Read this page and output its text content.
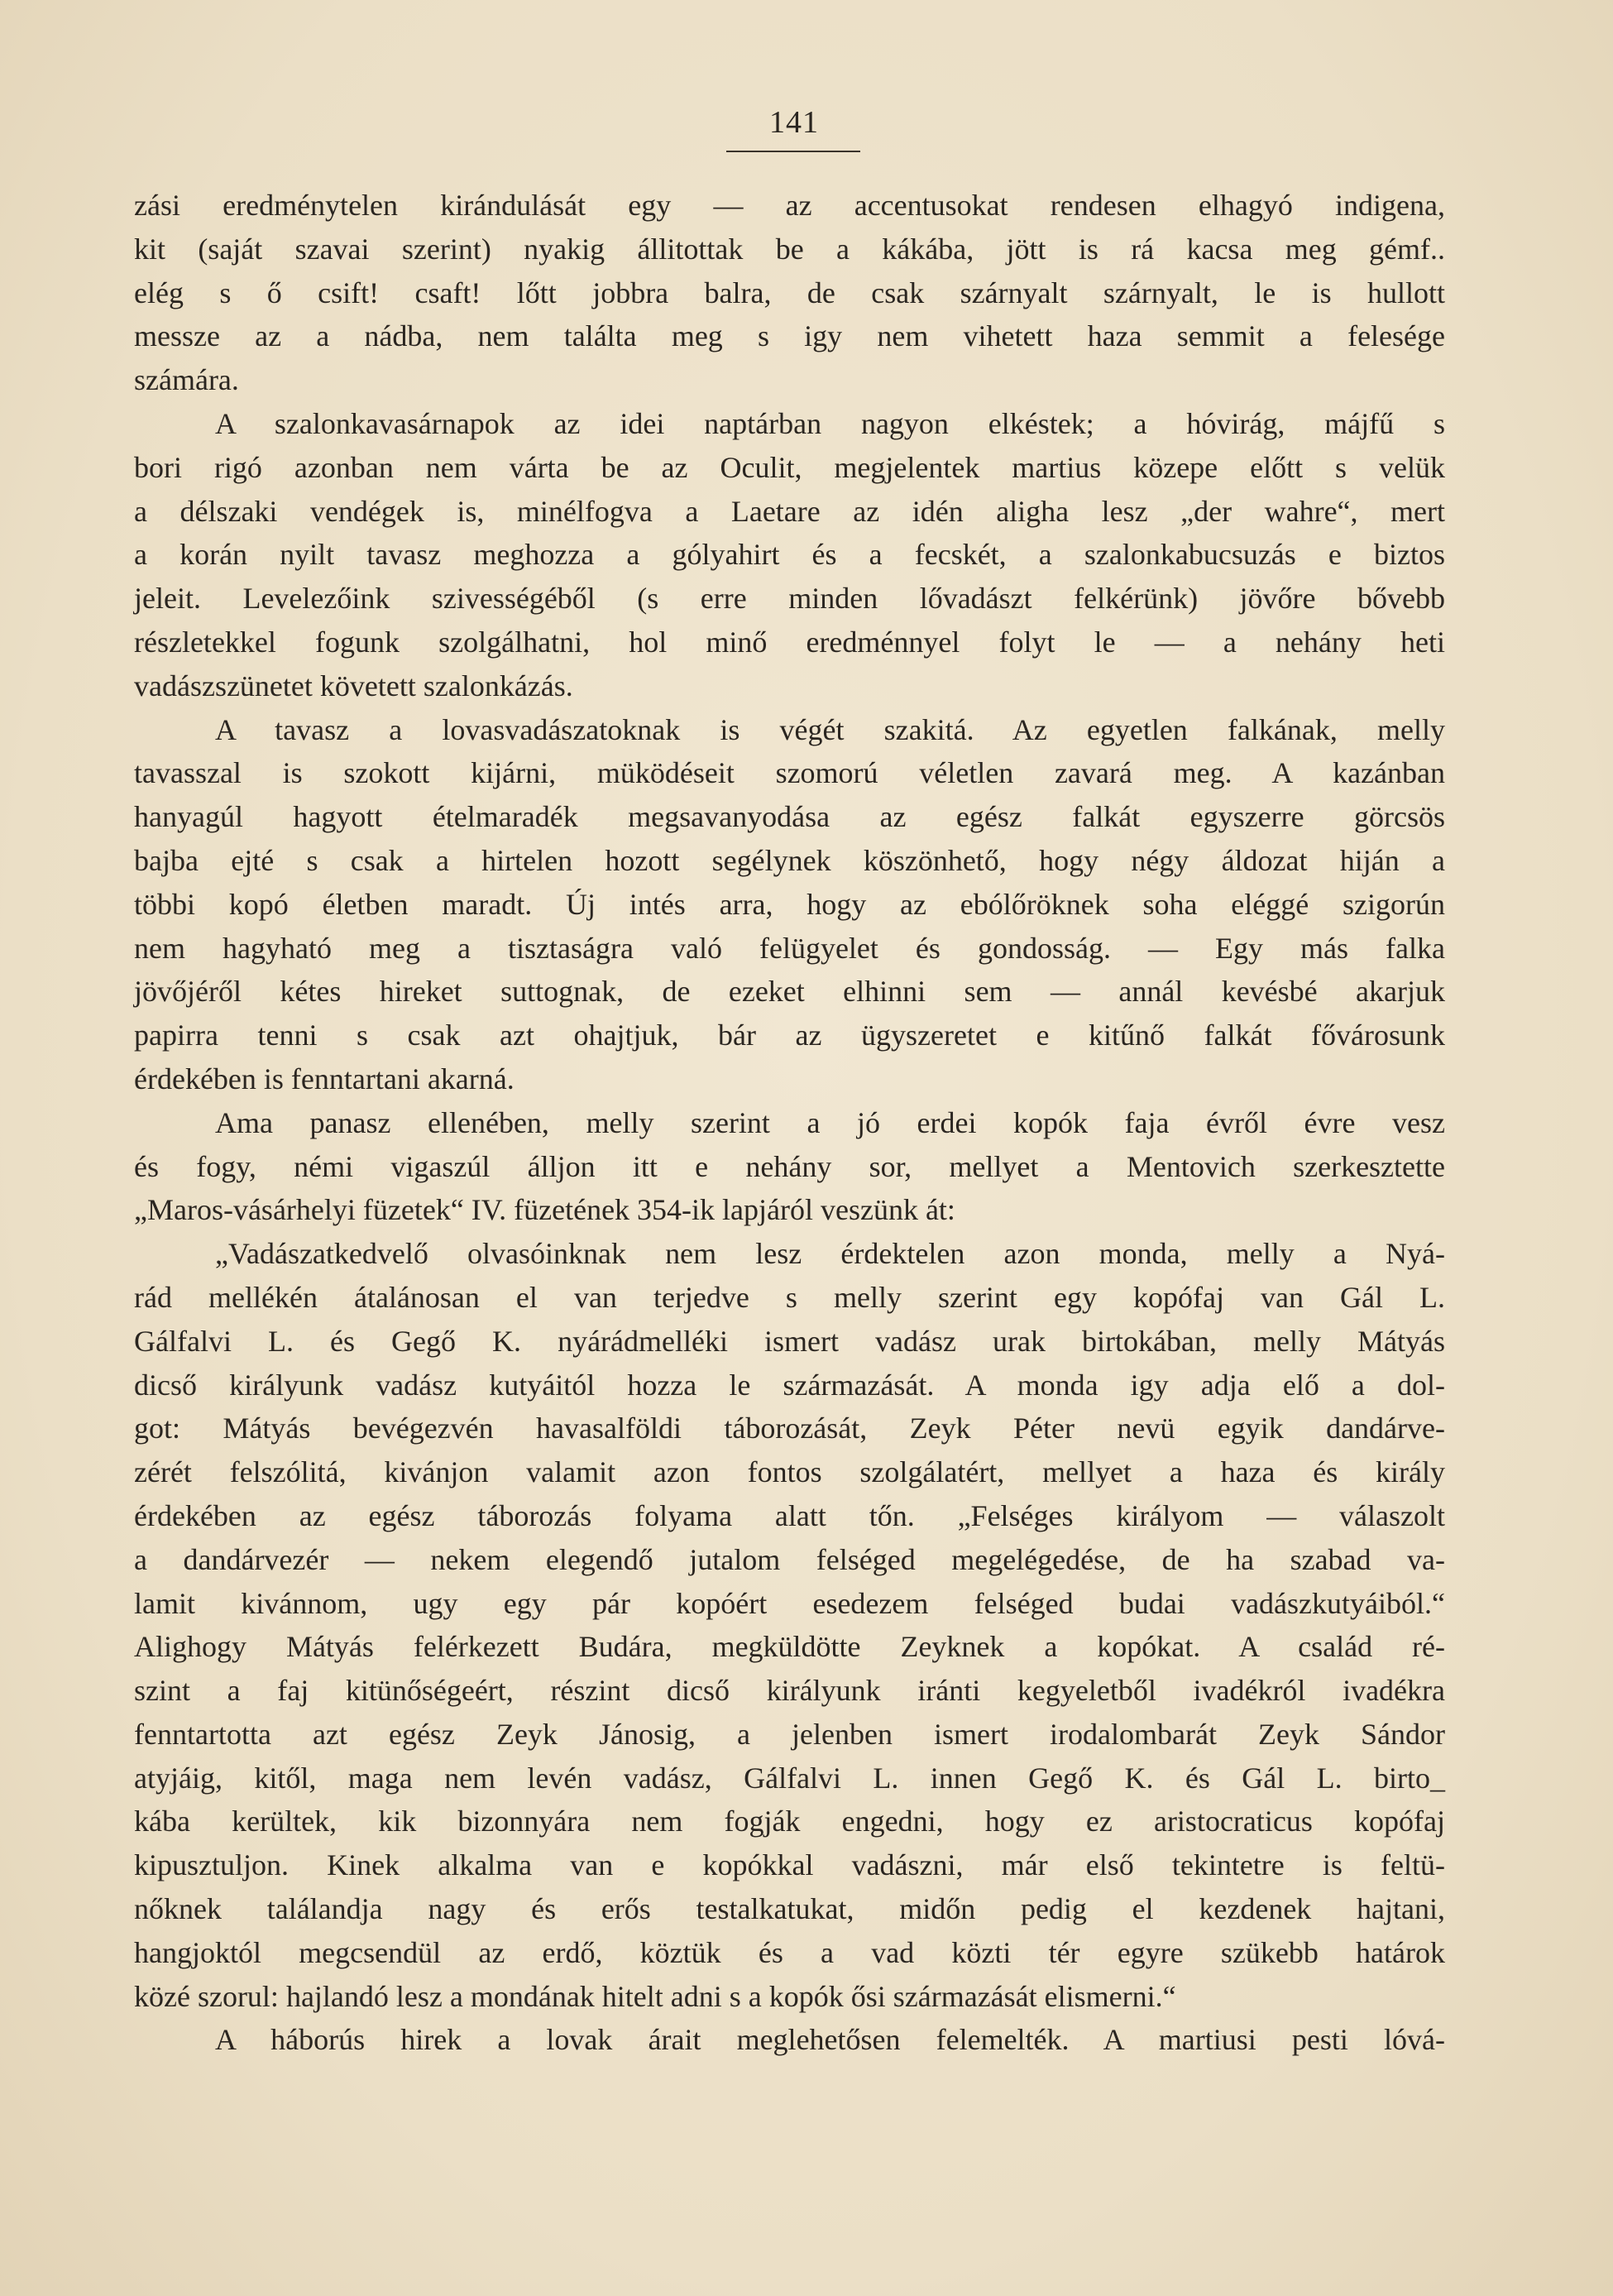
141
zási eredménytelen kirándulását egy — az accentusokat rendesen elhagyó indigena,
kit (saját szavai szerint) nyakig állitottak be a kákába, jött is rá kacsa meg gémf..
elég s ő csift! csaft! lőtt jobbra balra, de csak szárnyalt szárnyalt, le is hullott
messze az a nádba, nem találta meg s igy nem vihetett haza semmit a felesége
számára.
A szalonkavasárnapok az idei naptárban nagyon elkéstek; a hóvirág, májfű s
bori rigó azonban nem várta be az Oculit, megjelentek martius közepe előtt s velük
a délszaki vendégek is, minélfogva a Laetare az idén aligha lesz „der wahre“, mert
a korán nyilt tavasz meghozza a gólyahirt és a fecskét, a szalonkabucsuzás e biztos
jeleit. Levelezőink szivességéből (s erre minden lővadászt felkérünk) jövőre bővebb
részletekkel fogunk szolgálhatni, hol minő eredménnyel folyt le — a nehány heti
vadászszünetet követett szalonkázás.
A tavasz a lovasvadászatoknak is végét szakitá. Az egyetlen falkának, melly
tavasszal is szokott kijárni, müködéseit szomorú véletlen zavará meg. A kazánban
hanyagúl hagyott ételmaradék megsavanyodása az egész falkát egyszerre görcsös
bajba ejté s csak a hirtelen hozott segélynek köszönhető, hogy négy áldozat hiján a
többi kopó életben maradt. Új intés arra, hogy az ebólőröknek soha eléggé szigorún
nem hagyható meg a tisztaságra való felügyelet és gondosság. — Egy más falka
jövőjéről kétes hireket suttognak, de ezeket elhinni sem — annál kevésbé akarjuk
papirra tenni s csak azt ohajtjuk, bár az ügyszeretet e kitűnő falkát fővárosunk
érdekében is fenntartani akarná.
Ama panasz ellenében, melly szerint a jó erdei kopók faja évről évre vesz
és fogy, némi vigaszúl álljon itt e nehány sor, mellyet a Mentovich szerkesztette
„Maros-vásárhelyi füzetek“ IV. füzetének 354-ik lapjáról veszünk át:
„Vadászatkedvelő olvasóinknak nem lesz érdektelen azon monda, melly a Nyá-
rád mellékén átalánosan el van terjedve s melly szerint egy kopófaj van Gál L.
Gálfalvi L. és Gegő K. nyárádmelléki ismert vadász urak birtokában, melly Mátyás
dicső királyunk vadász kutyáitól hozza le származását. A monda igy adja elő a dol-
got: Mátyás bevégezvén havasalföldi táborozását, Zeyk Péter nevü egyik dandárve-
zérét felszólitá, kivánjon valamit azon fontos szolgálatért, mellyet a haza és király
érdekében az egész táborozás folyama alatt tőn. „Felséges királyom — válaszolt
a dandárvezér — nekem elegendő jutalom felséged megelégedése, de ha szabad va-
lamit kivánnom, ugy egy pár kopóért esedezem felséged budai vadászkutyáiból.“
Alighogy Mátyás felérkezett Budára, megküldötte Zeyknek a kopókat. A család ré-
szint a faj kitünőségeért, részint dicső királyunk iránti kegyeletből ivadékról ivadékra
fenntartotta azt egész Zeyk Jánosig, a jelenben ismert irodalombarát Zeyk Sándor
atyjáig, kitől, maga nem levén vadász, Gálfalvi L. innen Gegő K. és Gál L. birto_
kába kerültek, kik bizonnyára nem fogják engedni, hogy ez aristocraticus kopófaj
kipusztuljon. Kinek alkalma van e kopókkal vadászni, már első tekintetre is feltü-
nőknek találandja nagy és erős testalkatukat, midőn pedig el kezdenek hajtani,
hangjoktól megcsendül az erdő, köztük és a vad közti tér egyre szükebb határok
közé szorul: hajlandó lesz a mondának hitelt adni s a kopók ősi származását elismerni.“
A háborús hirek a lovak árait meglehetősen felemelték. A martiusi pesti lóvá-
